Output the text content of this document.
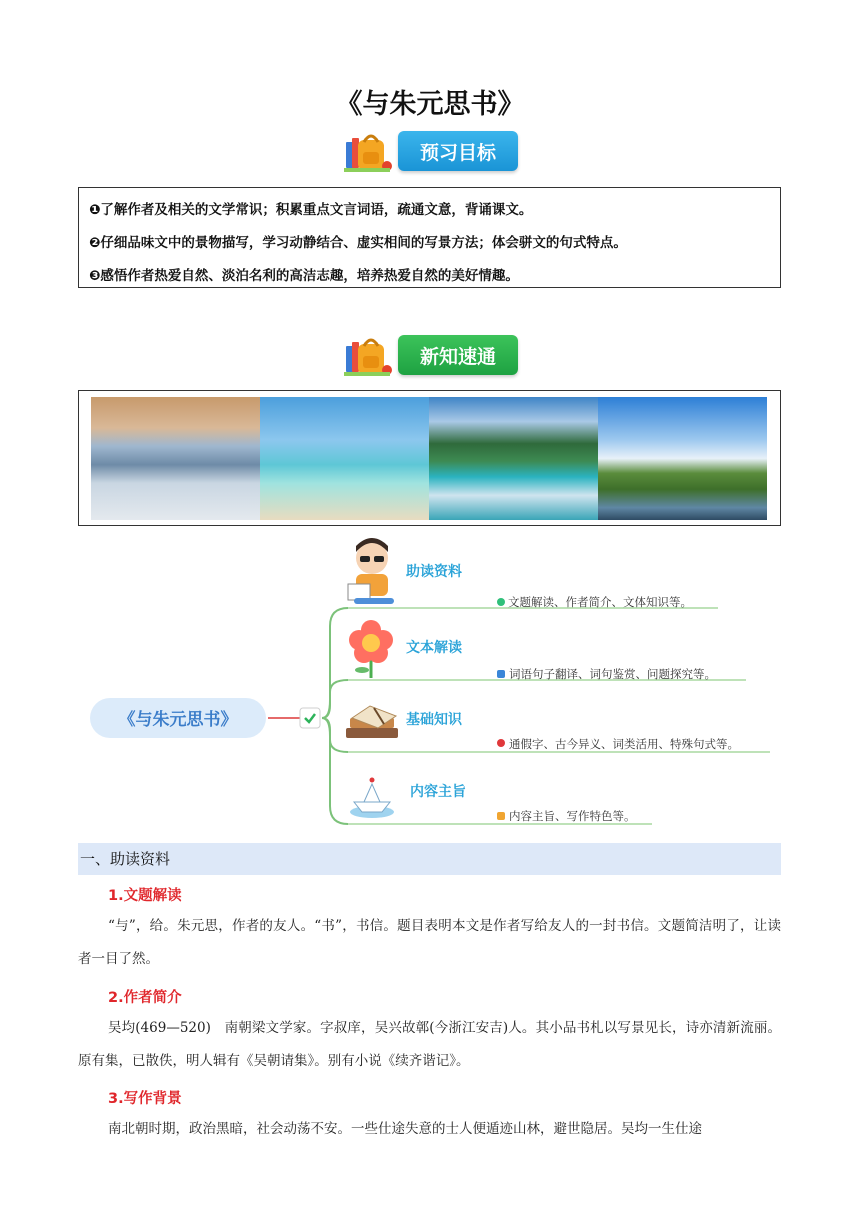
《与朱元思书》
预习目标

❶了解作者及相关的文学常识；积累重点文言词语，疏通文意，背诵课文。

❷仔细品味文中的景物描写，学习动静结合、虚实相间的写景方法；体会骈文的句式特点。

❸感悟作者热爱自然、淡泊名利的高洁志趣，培养热爱自然的美好情趣。

新知速通
《与朱元思书》
助读资料
文题解读、作者简介、文体知识等。
文本解读
词语句子翻译、词句鉴赏、问题探究等。
基础知识
通假字、古今异义、词类活用、特殊句式等。
内容主旨
内容主旨、写作特色等。
一、助读资料
1.文题解读

“与”，给。朱元思，作者的友人。“书”，书信。题目表明本文是作者写给友人的一封书信。文题简洁明了，让读者一目了然。

2.作者简介

吴均(469—520)　南朝梁文学家。字叔庠，吴兴故鄣(今浙江安吉)人。其小品书札以写景见长，诗亦清新流丽。原有集，已散佚，明人辑有《吴朝请集》。别有小说《续齐谐记》。

3.写作背景

南北朝时期，政治黑暗，社会动荡不安。一些仕途失意的士人便遁迹山林，避世隐居。吴均一生仕途
